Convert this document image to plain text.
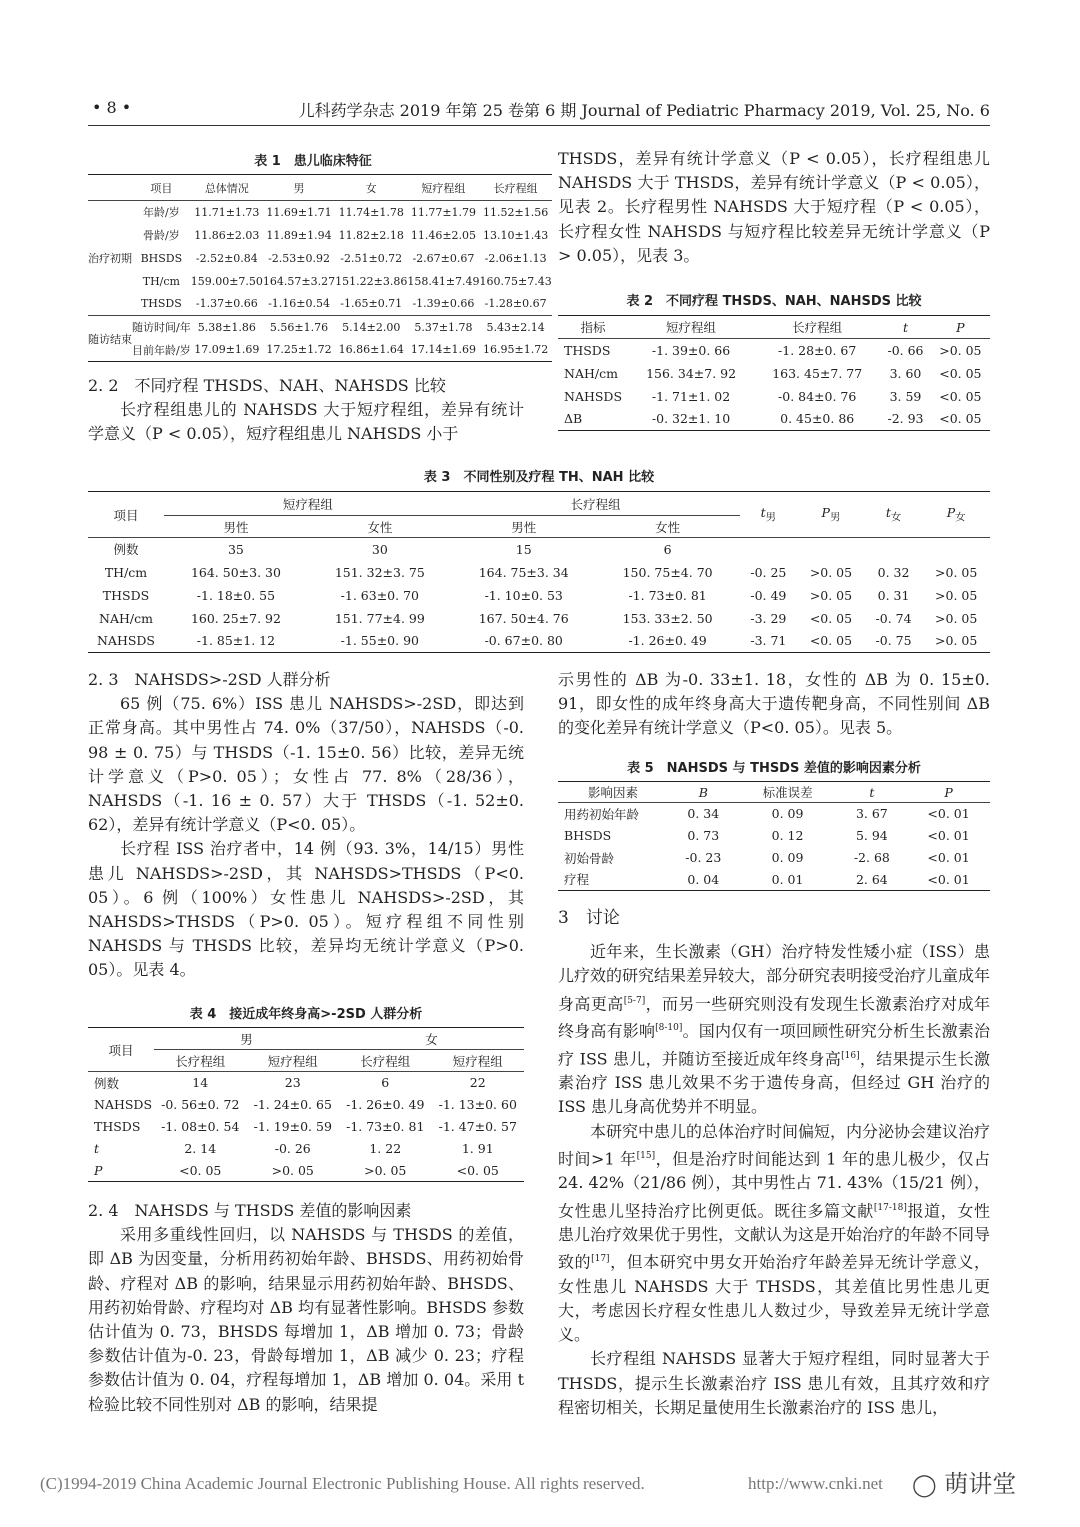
• 8 •	儿科药学杂志 2019 年第 25 卷第 6 期 Journal of Pediatric Pharmacy 2019, Vol. 25, No. 6
表 1　患儿临床特征
	项目	总体情况	男	女	短疗程组	长疗程组
治疗初期	年龄/岁	11.71±1.73	11.69±1.71	11.74±1.78	11.77±1.79	11.52±1.56
	骨龄/岁	11.86±2.03	11.89±1.94	11.82±2.18	11.46±2.05	13.10±1.43
	BHSDS	-2.52±0.84	-2.53±0.92	-2.51±0.72	-2.67±0.67	-2.06±1.13
	TH/cm	159.00±7.50	164.57±3.27	151.22±3.86	158.41±7.49	160.75±7.43
	THSDS	-1.37±0.66	-1.16±0.54	-1.65±0.71	-1.39±0.66	-1.28±0.67
随访结束	随访时间/年	5.38±1.86	5.56±1.76	5.14±2.00	5.37±1.78	5.43±2.14
	目前年龄/岁	17.09±1.69	17.25±1.72	16.86±1.64	17.14±1.69	16.95±1.72

2. 2　不同疗程 THSDS、NAH、NAHSDS 比较

长疗程组患儿的 NAHSDS 大于短疗程组，差异有统计学意义（P < 0.05），短疗程组患儿 NAHSDS 小于

THSDS，差异有统计学意义（P < 0.05），长疗程组患儿 NAHSDS 大于 THSDS，差异有统计学意义（P < 0.05），见表 2。长疗程男性 NAHSDS 大于短疗程（P < 0.05），长疗程女性 NAHSDS 与短疗程比较差异无统计学意义（P > 0.05），见表 3。

表 2　不同疗程 THSDS、NAH、NAHSDS 比较
指标	短疗程组	长疗程组	t	P
THSDS	-1. 39±0. 66	-1. 28±0. 67	-0. 66	>0. 05
NAH/cm	156. 34±7. 92	163. 45±7. 77	3. 60	<0. 05
NAHSDS	-1. 71±1. 02	-0. 84±0. 76	3. 59	<0. 05
ΔB	-0. 32±1. 10	0. 45±0. 86	-2. 93	<0. 05
表 3　不同性别及疗程 TH、NAH 比较
项目	短疗程组		长疗程组		$t_男$	$P_男$	$t_女$	$P_女$
	男性	女性	男性	女性				
例数	35	30	15	6				
TH/cm	164. 50±3. 30	151. 32±3. 75	164. 75±3. 34	150. 75±4. 70	-0. 25	>0. 05	0. 32	>0. 05
THSDS	-1. 18±0. 55	-1. 63±0. 70	-1. 10±0. 53	-1. 73±0. 81	-0. 49	>0. 05	0. 31	>0. 05
NAH/cm	160. 25±7. 92	151. 77±4. 99	167. 50±4. 76	153. 33±2. 50	-3. 29	<0. 05	-0. 74	>0. 05
NAHSDS	-1. 85±1. 12	-1. 55±0. 90	-0. 67±0. 80	-1. 26±0. 49	-3. 71	<0. 05	-0. 75	>0. 05

2. 3　NAHSDS>-2SD 人群分析

65 例（75. 6%）ISS 患儿 NAHSDS>-2SD，即达到正常身高。其中男性占 74. 0%（37/50），NAHSDS（-0. 98 ± 0. 75）与 THSDS（-1. 15±0. 56）比较，差异无统计学意义（P>0. 05）；女性占 77. 8%（28/36），NAHSDS（-1. 16 ± 0. 57）大于 THSDS（-1. 52±0. 62），差异有统计学意义（P<0. 05）。

长疗程 ISS 治疗者中，14 例（93. 3%，14/15）男性患儿 NAHSDS>-2SD，其 NAHSDS>THSDS（P<0. 05）。6 例（100%）女性患儿 NAHSDS>-2SD，其 NAHSDS>THSDS（P>0. 05）。短疗程组不同性别 NAHSDS 与 THSDS 比较，差异均无统计学意义（P>0. 05）。见表 4。

表 4　接近成年终身高>-2SD 人群分析
项目	男		女	
	长疗程组	短疗程组	长疗程组	短疗程组
例数	14	23	6	22
NAHSDS	-0. 56±0. 72	-1. 24±0. 65	-1. 26±0. 49	-1. 13±0. 60
THSDS	-1. 08±0. 54	-1. 19±0. 59	-1. 73±0. 81	-1. 47±0. 57
t	2. 14	-0. 26	1. 22	1. 91
P	<0. 05	>0. 05	>0. 05	<0. 05

2. 4　NAHSDS 与 THSDS 差值的影响因素

采用多重线性回归，以 NAHSDS 与 THSDS 的差值，即 ΔB 为因变量，分析用药初始年龄、BHSDS、用药初始骨龄、疗程对 ΔB 的影响，结果显示用药初始年龄、BHSDS、用药初始骨龄、疗程均对 ΔB 均有显著性影响。BHSDS 参数估计值为 0. 73，BHSDS 每增加 1，ΔB 增加 0. 73；骨龄参数估计值为-0. 23，骨龄每增加 1，ΔB 减少 0. 23；疗程参数估计值为 0. 04，疗程每增加 1，ΔB 增加 0. 04。采用 t 检验比较不同性别对 ΔB 的影响，结果提

示男性的 ΔB 为-0. 33±1. 18，女性的 ΔB 为 0. 15±0. 91，即女性的成年终身高大于遗传靶身高，不同性别间 ΔB 的变化差异有统计学意义（P<0. 05）。见表 5。

表 5　NAHSDS 与 THSDS 差值的影响因素分析
影响因素	B	标准误差	t	P
用药初始年龄	0. 34	0. 09	3. 67	<0. 01
BHSDS	0. 73	0. 12	5. 94	<0. 01
初始骨龄	-0. 23	0. 09	-2. 68	<0. 01
疗程	0. 04	0. 01	2. 64	<0. 01

3　讨论

近年来，生长激素（GH）治疗特发性矮小症（ISS）患儿疗效的研究结果差异较大，部分研究表明接受治疗儿童成年身高更高[5-7]，而另一些研究则没有发现生长激素治疗对成年终身高有影响[8-10]。国内仅有一项回顾性研究分析生长激素治疗 ISS 患儿，并随访至接近成年终身高[16]，结果提示生长激素治疗 ISS 患儿效果不劣于遗传身高，但经过 GH 治疗的 ISS 患儿身高优势并不明显。

本研究中患儿的总体治疗时间偏短，内分泌协会建议治疗时间>1 年[15]，但是治疗时间能达到 1 年的患儿极少，仅占 24. 42%（21/86 例），其中男性占 71. 43%（15/21 例），女性患儿坚持治疗比例更低。既往多篇文献[17-18]报道，女性患儿治疗效果优于男性，文献认为这是开始治疗的年龄不同导致的[17]，但本研究中男女开始治疗年龄差异无统计学意义，女性患儿 NAHSDS 大于 THSDS，其差值比男性患儿更大，考虑因长疗程女性患儿人数过少，导致差异无统计学意义。

长疗程组 NAHSDS 显著大于短疗程组，同时显著大于 THSDS，提示生长激素治疗 ISS 患儿有效，且其疗效和疗程密切相关，长期足量使用生长激素治疗的 ISS 患儿，

(C)1994-2019 China Academic Journal Electronic Publishing House. All rights reserved.	http://www.cnki.net ◯ 萌讲堂
